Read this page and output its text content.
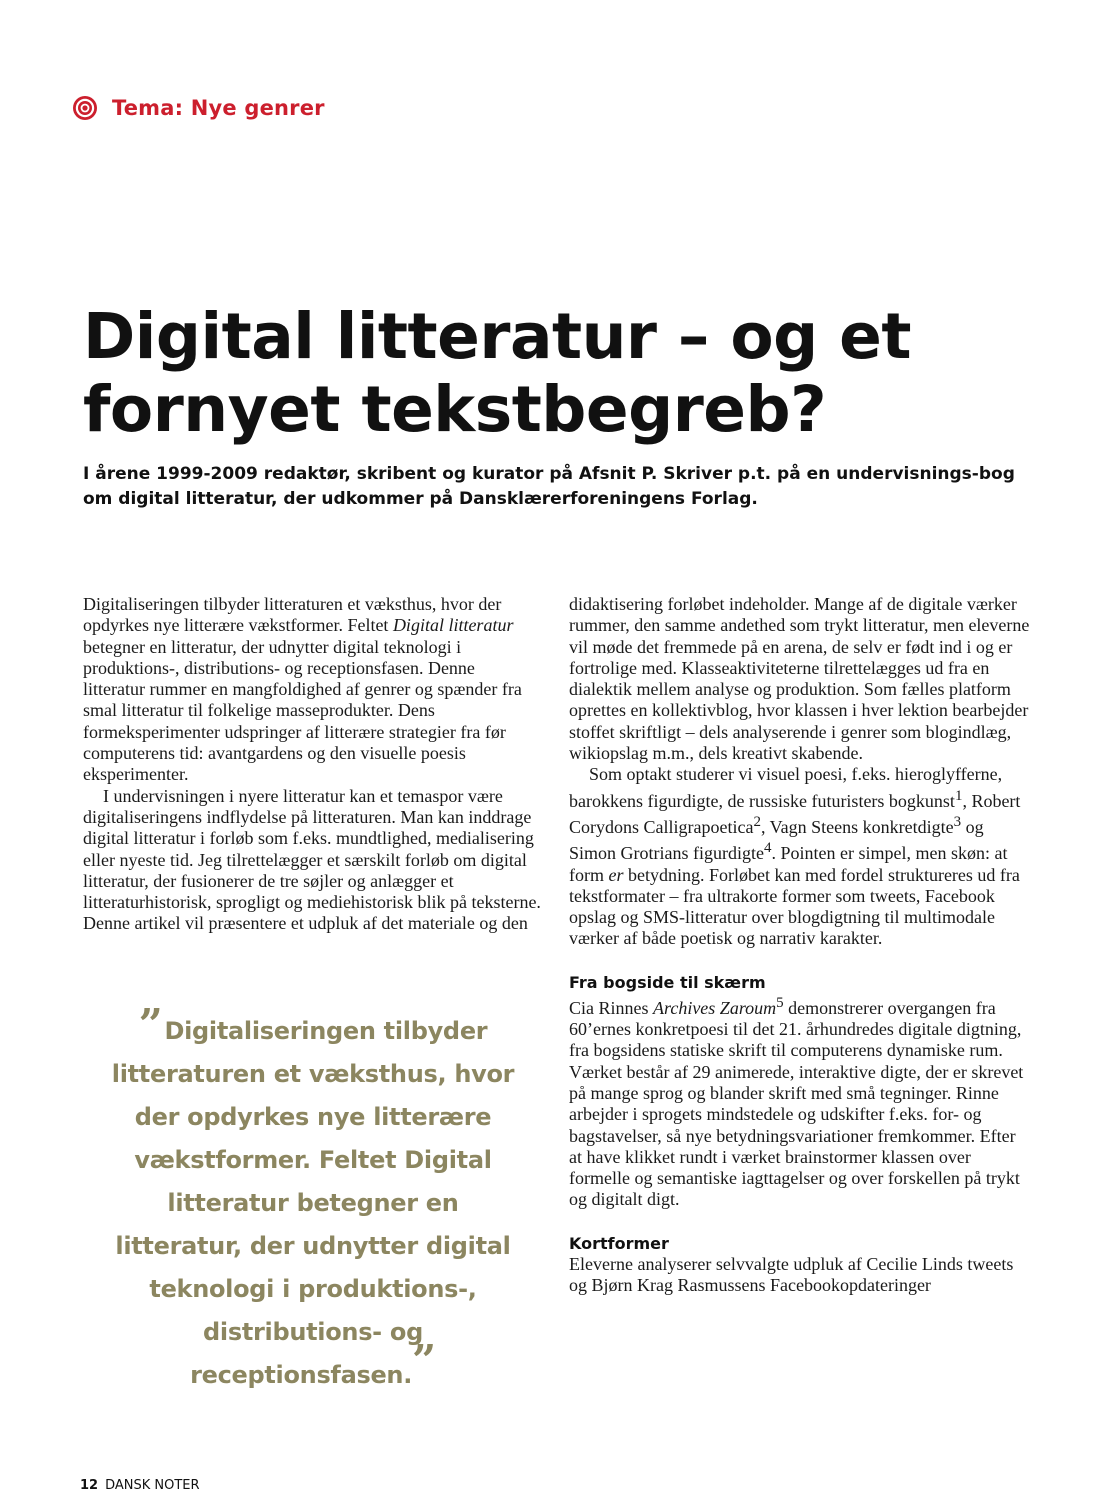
Tema: Nye genrer
Digital litteratur – og et
fornyet tekstbegreb?
I årene 1999-2009 redaktør, skribent og kurator på Afsnit P. Skriver p.t. på en undervisnings-bog om digital litteratur, der udkommer på Dansklærerforeningens Forlag.

Digitaliseringen tilbyder litteraturen et væksthus, hvor der opdyrkes nye litterære vækstformer. Feltet Digital litteratur betegner en litteratur, der udnytter digital teknologi i produktions-, distributions- og receptionsfasen. Denne litteratur rummer en mangfoldighed af genrer og spænder fra smal litteratur til folkelige masseprodukter. Dens formeksperimenter udspringer af litterære strategier fra før computerens tid: avantgardens og den visuelle poesis eksperimenter.

I undervisningen i nyere litteratur kan et temaspor være digitaliseringens indflydelse på litteraturen. Man kan inddrage digital litteratur i forløb som f.eks. mundtlighed, medialisering eller nyeste tid. Jeg tilrettelægger et særskilt forløb om digital litteratur, der fusionerer de tre søjler og anlægger et litteraturhistorisk, sprogligt og mediehistorisk blik på teksterne. Denne artikel vil præsentere et udpluk af det materiale og den

”Digitaliseringen tilbyder litteraturen et væksthus, hvor der opdyrkes nye litterære vækstformer. Feltet Digital litteratur betegner en litteratur, der udnytter digital teknologi i produktions-, distributions- og receptionsfasen.”

didaktisering forløbet indeholder. Mange af de digitale værker rummer, den samme andethed som trykt litteratur, men eleverne vil møde det fremmede på en arena, de selv er født ind i og er fortrolige med. Klasseaktiviteterne tilrettelægges ud fra en dialektik mellem analyse og produktion. Som fælles platform oprettes en kollektivblog, hvor klassen i hver lektion bearbejder stoffet skriftligt – dels analyserende i genrer som blogindlæg, wikiopslag m.m., dels kreativt skabende.

Som optakt studerer vi visuel poesi, f.eks. hieroglyfferne, barokkens figurdigte, de russiske futuristers bogkunst$^1$, Robert Corydons Calligrapoetica$^2$, Vagn Steens konkretdigte$^3$ og Simon Grotrians figurdigte$^4$. Pointen er simpel, men skøn: at form er betydning. Forløbet kan med fordel struktureres ud fra tekstformater – fra ultrakorte former som tweets, Facebook opslag og SMS-litteratur over blogdigtning til multimodale værker af både poetisk og narrativ karakter.

Fra bogside til skærm

Cia Rinnes Archives Zaroum$^5$ demonstrerer overgangen fra 60’ernes konkretpoesi til det 21. århundredes digitale digtning, fra bogsidens statiske skrift til computerens dynamiske rum. Værket består af 29 animerede, interaktive digte, der er skrevet på mange sprog og blander skrift med små tegninger. Rinne arbejder i sprogets mindstedele og udskifter f.eks. for- og bagstavelser, så nye betydningsvariationer fremkommer. Efter at have klikket rundt i værket brainstormer klassen over formelle og semantiske iagttagelser og over forskellen på trykt og digitalt digt.

Kortformer

Eleverne analyserer selvvalgte udpluk af Cecilie Linds tweets og Bjørn Krag Rasmussens Facebookopdateringer

12 DANSK NOTER
